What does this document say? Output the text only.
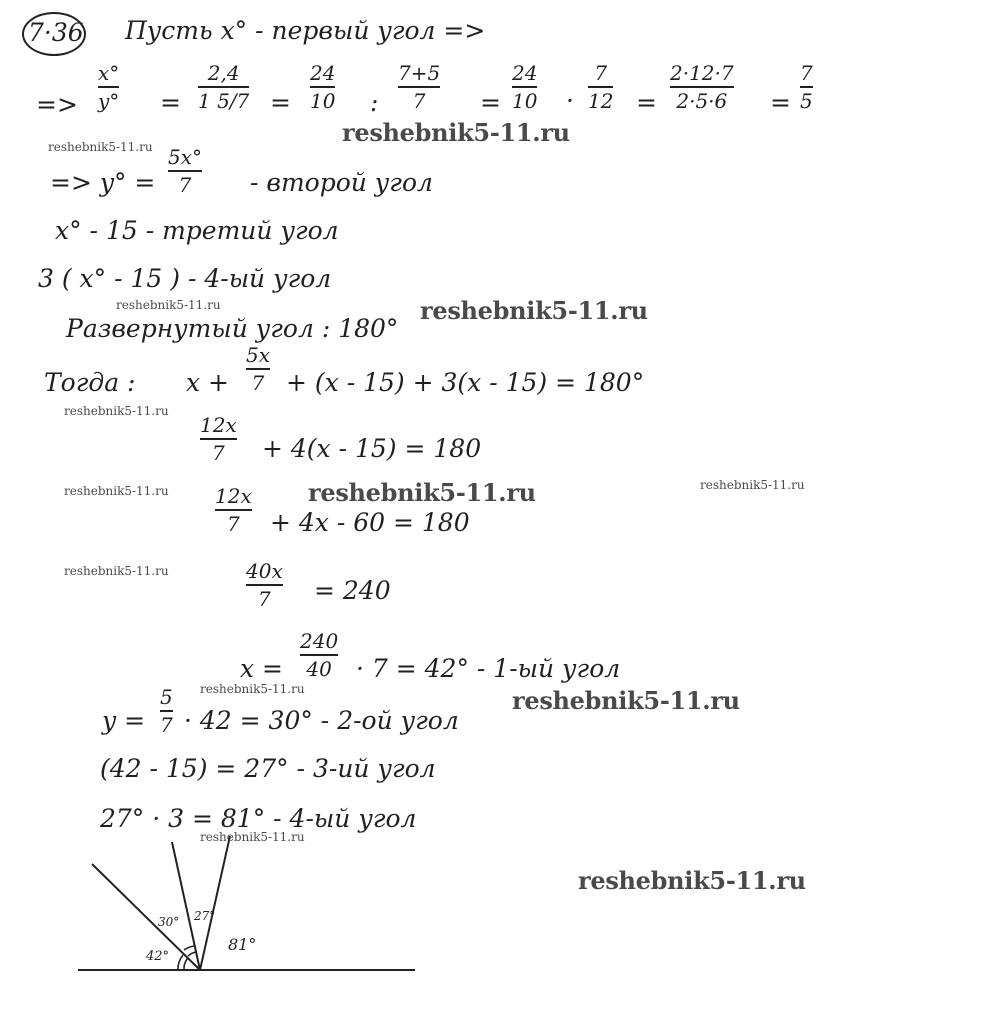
7·36 Пусть x° - первый угол =>
=>
x°
y° =
2,4
1 5/7 =
24
10 :
7+5
7 =
24
10 ·
7
12 =
2·12·7
2·5·6 =
7
5
=> y° =
5x°
7 - второй угол
x° - 15 - третий угол
3 ( x° - 15 ) - 4-ый угол
Развернутый угол : 180°
Тогда : x +
5x
7 + (x - 15) + 3(x - 15) = 180°
12x
7 + 4(x - 15) = 180
12x
7 + 4x - 60 = 180
40x
7 = 240
x =
240
40 · 7 = 42° - 1-ый угол
y =
5
7 · 42 = 30° - 2-ой угол
(42 - 15) = 27° - 3-ий угол
27° · 3 = 81° - 4-ый угол
42°
30° 27°
81°
reshebnik5-11.ru
reshebnik5-11.ru
reshebnik5-11.ru
reshebnik5-11.ru
reshebnik5-11.ru
reshebnik5-11.ru
reshebnik5-11.ru
reshebnik5-11.ru
reshebnik5-11.ru	reshebnik5-11.ru
reshebnik5-11.ru
reshebnik5-11.ru
reshebnik5-11.ru
